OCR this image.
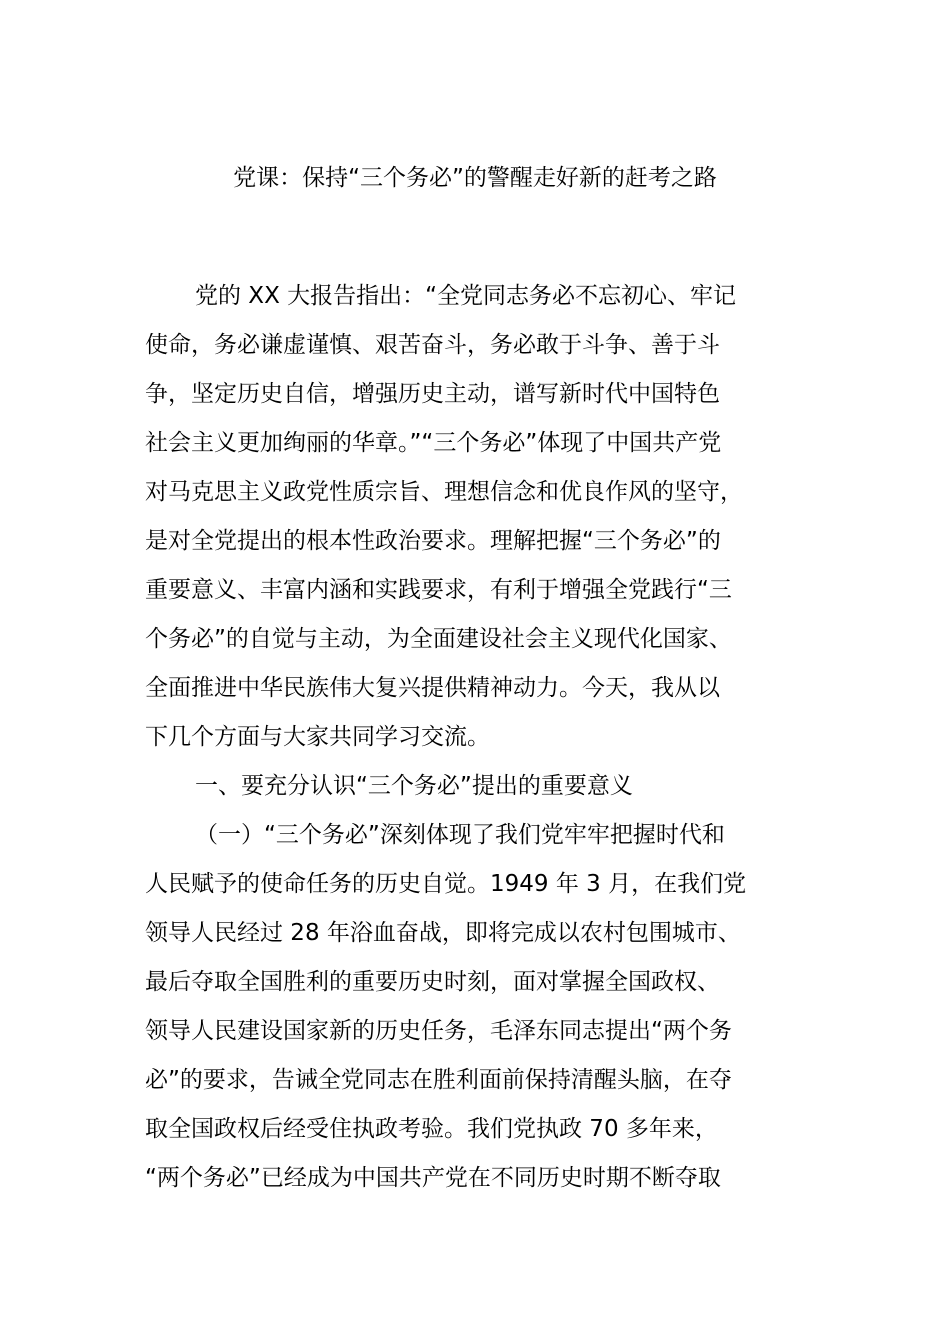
党课：保持“三个务必”的警醒走好新的赶考之路
党的 XX 大报告指出：“全党同志务必不忘初心、牢记
使命，务必谦虚谨慎、艰苦奋斗，务必敢于斗争、善于斗
争，坚定历史自信，增强历史主动，谱写新时代中国特色
社会主义更加绚丽的华章。”“三个务必”体现了中国共产党
对马克思主义政党性质宗旨、理想信念和优良作风的坚守，
是对全党提出的根本性政治要求。理解把握“三个务必”的
重要意义、丰富内涵和实践要求，有利于增强全党践行“三
个务必”的自觉与主动，为全面建设社会主义现代化国家、
全面推进中华民族伟大复兴提供精神动力。今天，我从以
下几个方面与大家共同学习交流。
一、要充分认识“三个务必”提出的重要意义
（一）“三个务必”深刻体现了我们党牢牢把握时代和
人民赋予的使命任务的历史自觉。1949 年 3 月，在我们党
领导人民经过 28 年浴血奋战，即将完成以农村包围城市、
最后夺取全国胜利的重要历史时刻，面对掌握全国政权、
领导人民建设国家新的历史任务，毛泽东同志提出“两个务
必”的要求，告诫全党同志在胜利面前保持清醒头脑，在夺
取全国政权后经受住执政考验。我们党执政 70 多年来，
“两个务必”已经成为中国共产党在不同历史时期不断夺取
